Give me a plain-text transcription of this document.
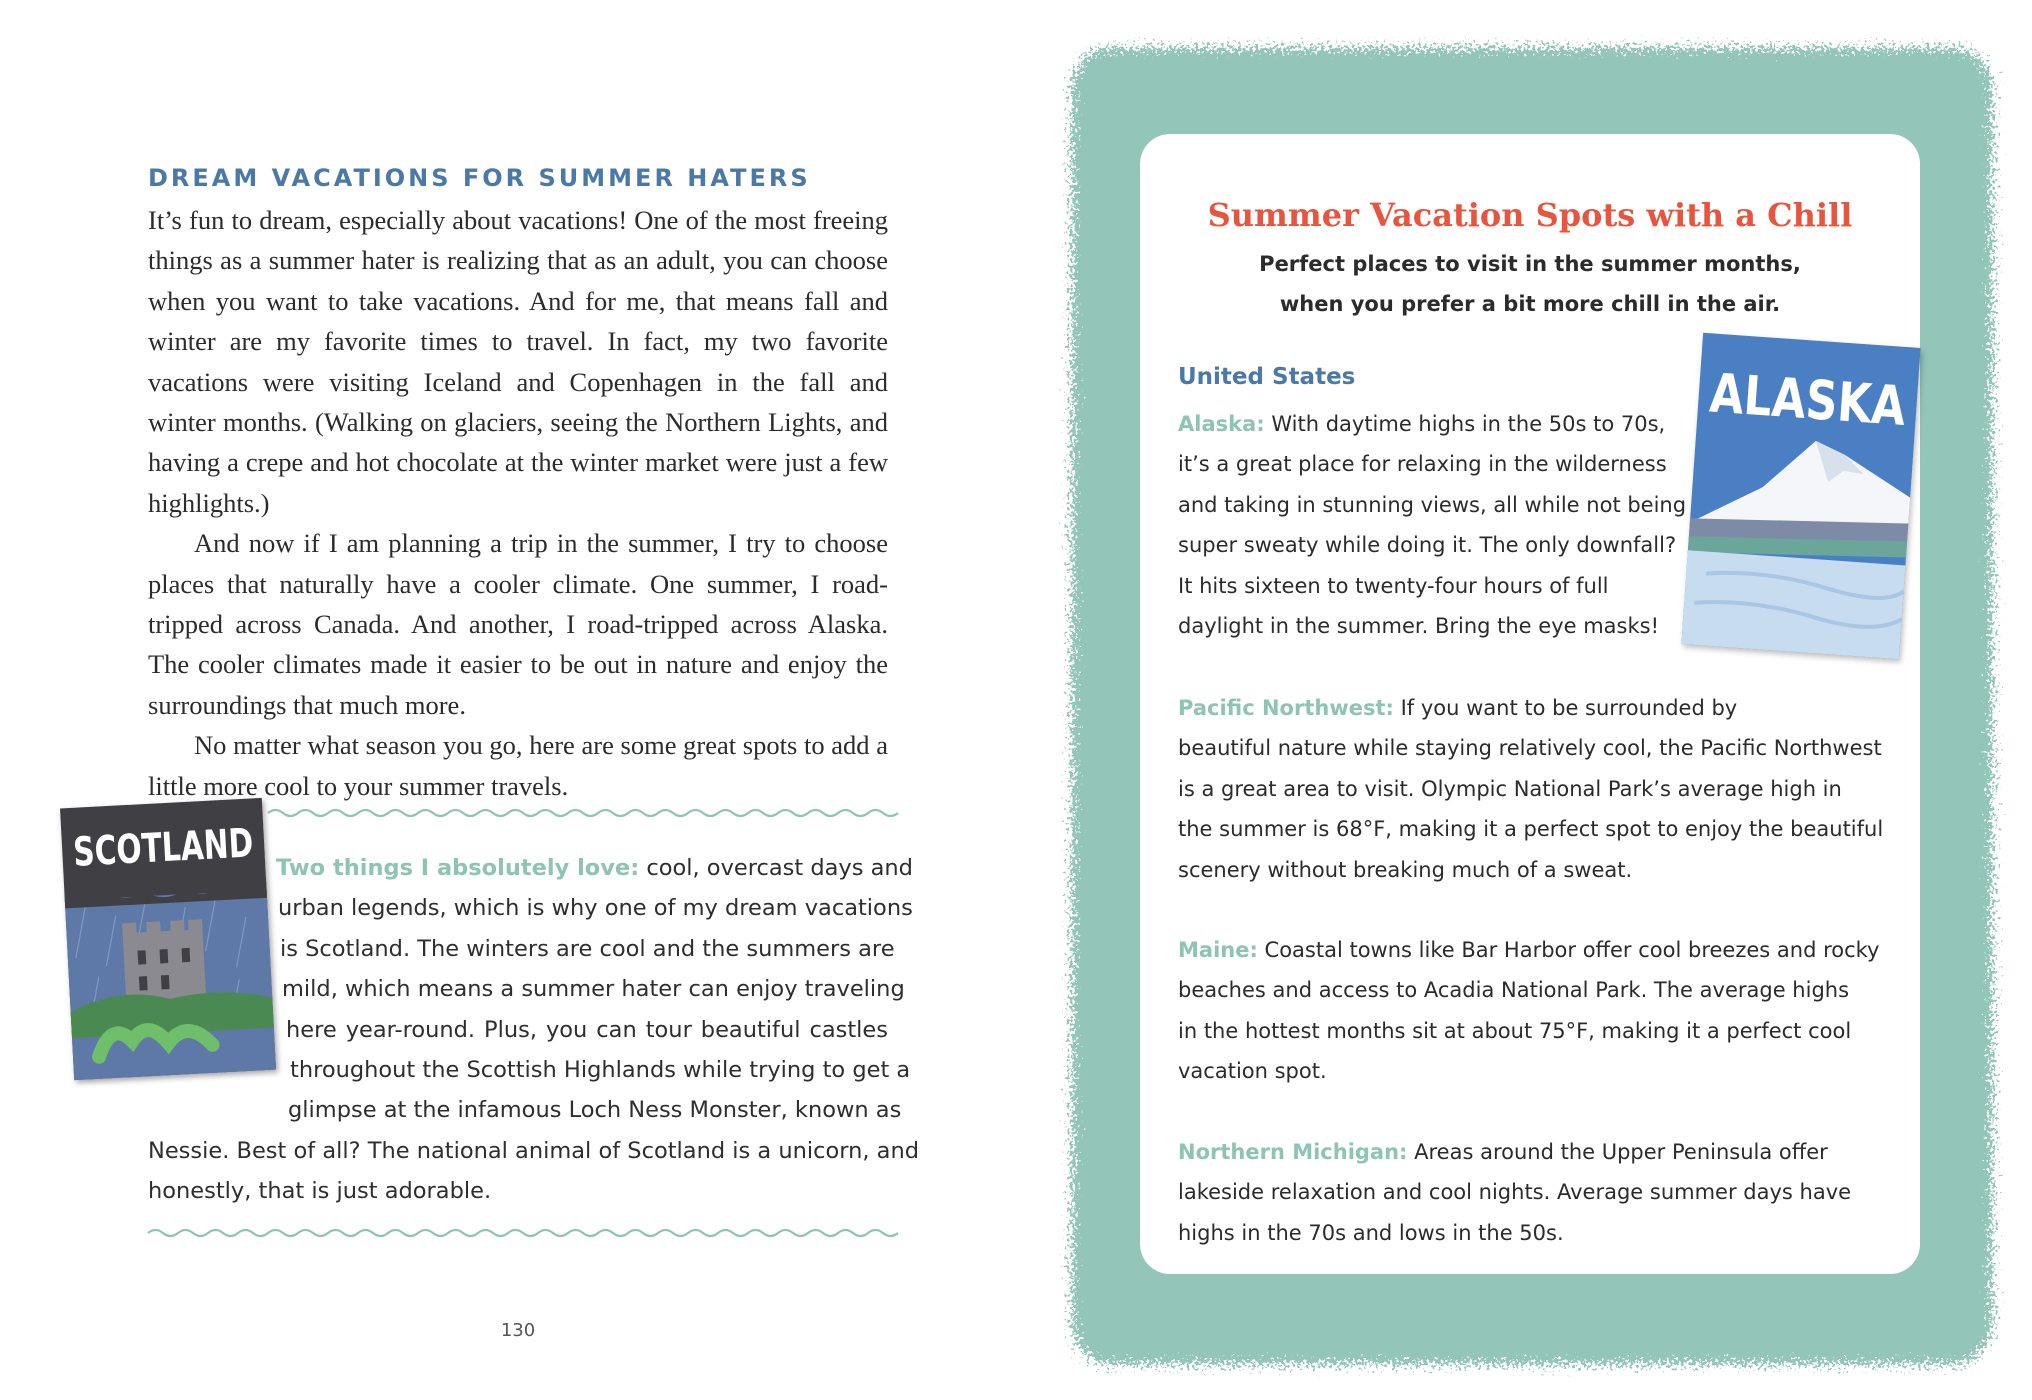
DREAM VACATIONS FOR SUMMER HATERS

It’s fun to dream, especially about vacations! One of the most freeing things as a summer hater is realizing that as an adult, you can choose when you want to take vacations. And for me, that means fall and winter are my favorite times to travel. In fact, my two favorite vacations were visiting Iceland and Copenhagen in the fall and winter months. (Walking on glaciers, seeing the Northern Lights, and having a crepe and hot chocolate at the winter market were just a few highlights.)

And now if I am planning a trip in the summer, I try to choose places that naturally have a cooler climate. One summer, I road-tripped across Canada. And another, I road-tripped across Alaska. The cooler climates made it easier to be out in nature and enjoy the surroundings that much more.

No matter what season you go, here are some great spots to add a little more cool to your summer travels.

SCOTLAND
Two things I absolutely love: cool, overcast days and
urban legends, which is why one of my dream vacations
is Scotland. The winters are cool and the summers are
mild, which means a summer hater can enjoy traveling
here year-round. Plus, you can tour beautiful castles
throughout the Scottish Highlands while trying to get a
glimpse at the infamous Loch Ness Monster, known as
Nessie. Best of all? The national animal of Scotland is a unicorn, and
honestly, that is just adorable.
130
Summer Vacation Spots with a Chill

Perfect places to visit in the summer months,
when you prefer a bit more chill in the air.

United States
Alaska: With daytime highs in the 50s to 70s,
it’s a great place for relaxing in the wilderness
and taking in stunning views, all while not being
super sweaty while doing it. The only downfall?
It hits sixteen to twenty-four hours of full
daylight in the summer. Bring the eye masks!
Pacific Northwest: If you want to be surrounded by
beautiful nature while staying relatively cool, the Pacific Northwest
is a great area to visit. Olympic National Park’s average high in
the summer is 68°F, making it a perfect spot to enjoy the beautiful
scenery without breaking much of a sweat.
Maine: Coastal towns like Bar Harbor offer cool breezes and rocky
beaches and access to Acadia National Park. The average highs
in the hottest months sit at about 75°F, making it a perfect cool
vacation spot.
Northern Michigan: Areas around the Upper Peninsula offer
lakeside relaxation and cool nights. Average summer days have
highs in the 70s and lows in the 50s.
ALASKA
